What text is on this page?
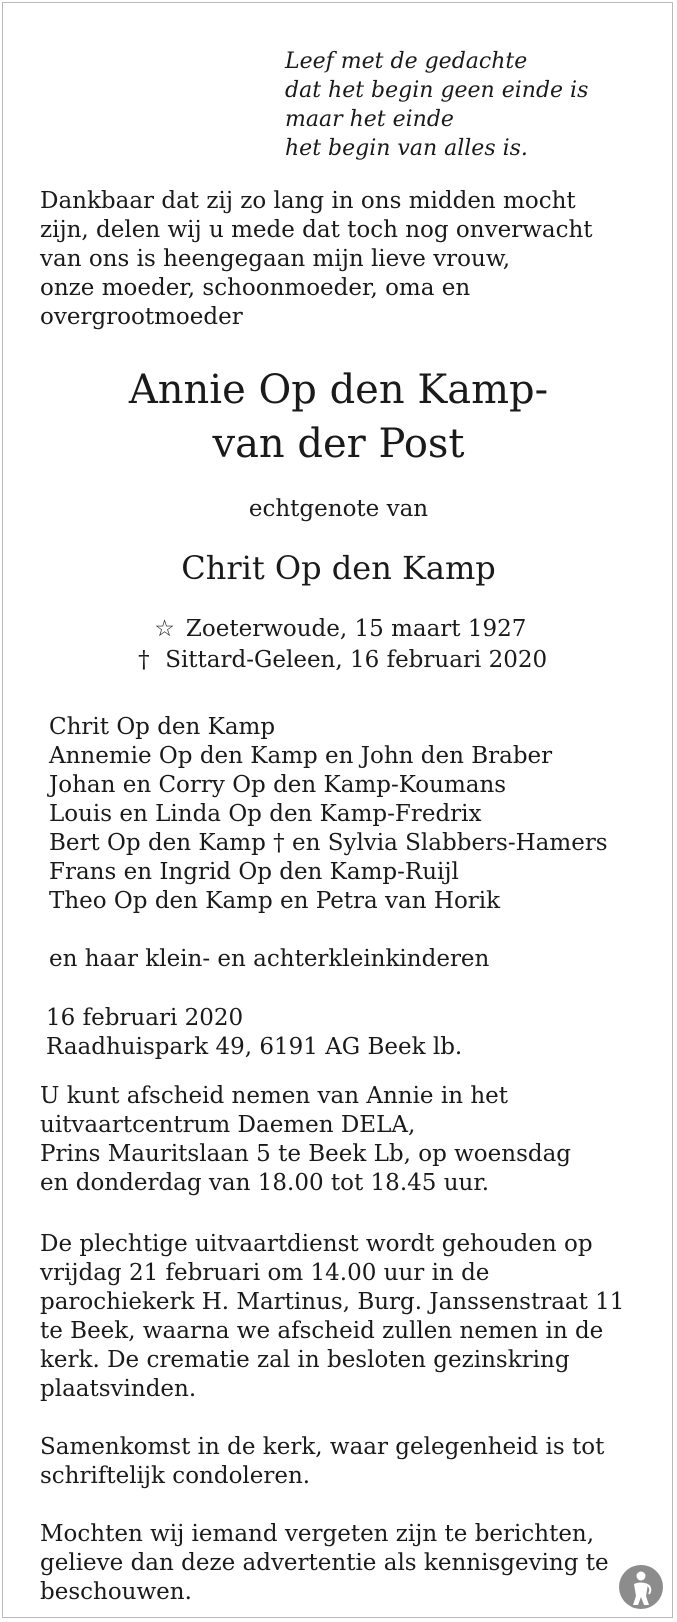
Leef met de gedachte

dat het begin geen einde is

maar het einde

het begin van alles is.

Dankbaar dat zij zo lang in ons midden mocht

zijn, delen wij u mede dat toch nog onverwacht

van ons is heengegaan mijn lieve vrouw,

onze moeder, schoonmoeder, oma en

overgrootmoeder

Annie Op den Kamp-

van der Post

echtgenote van

Chrit Op den Kamp

☆ Zoeterwoude, 15 maart 1927

† Sittard-Geleen, 16 februari 2020

Chrit Op den Kamp

Annemie Op den Kamp en John den Braber

Johan en Corry Op den Kamp-Koumans

Louis en Linda Op den Kamp-Fredrix

Bert Op den Kamp † en Sylvia Slabbers-Hamers

Frans en Ingrid Op den Kamp-Ruijl

Theo Op den Kamp en Petra van Horik

en haar klein- en achterkleinkinderen

16 februari 2020

Raadhuispark 49, 6191 AG Beek lb.

U kunt afscheid nemen van Annie in het

uitvaartcentrum Daemen DELA,

Prins Mauritslaan 5 te Beek Lb, op woensdag

en donderdag van 18.00 tot 18.45 uur.

De plechtige uitvaartdienst wordt gehouden op

vrijdag 21 februari om 14.00 uur in de

parochiekerk H. Martinus, Burg. Janssenstraat 11

te Beek, waarna we afscheid zullen nemen in de

kerk. De crematie zal in besloten gezinskring

plaatsvinden.

Samenkomst in de kerk, waar gelegenheid is tot

schriftelijk condoleren.

Mochten wij iemand vergeten zijn te berichten,

gelieve dan deze advertentie als kennisgeving te

beschouwen.
